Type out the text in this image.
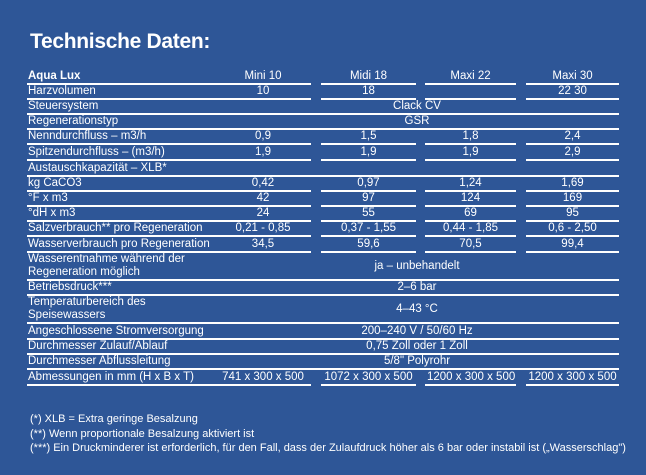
Technische Daten:
Aqua Lux	Mini 10		Midi 18		Maxi 22		Maxi 30
Harzvolumen	10		18				22 30
Steuersystem	Clack CV						
Regenerationstyp	GSR						
Nenndurchfluss – m3/h	0,9		1,5		1,8		2,4
Spitzendurchfluss – (m3/h)	1,9		1,9		1,9		2,9
Austauschkapazität – XLB*							
kg CaCO3	0,42		0,97		1,24		1,69
°F x m3	42		97		124		169
°dH x m3	24		55		69		95
Salzverbrauch** pro Regeneration	0,21 - 0,85		0,37 - 1,55		0,44 - 1,85		0,6 - 2,50
Wasserverbrauch pro Regeneration	34,5		59,6		70,5		99,4
Wasserentnahme während der Regeneration möglich	ja – unbehandelt						
Betriebsdruck***	2–6 bar						
Temperaturbereich des Speisewassers	4–43 °C						
Angeschlossene Stromversorgung	200–240 V / 50/60 Hz						
Durchmesser Zulauf/Ablauf	0,75 Zoll oder 1 Zoll						
Durchmesser Abflussleitung	5/8" Polyrohr						
Abmessungen in mm (H x B x T)	741 x 300 x 500		1072 x 300 x 500		1200 x 300 x 500		1200 x 300 x 500
(*) XLB = Extra geringe Besalzung
(**) Wenn proportionale Besalzung aktiviert ist
(***) Ein Druckminderer ist erforderlich, für den Fall, dass der Zulaufdruck höher als 6 bar oder instabil ist („Wasserschlag")
